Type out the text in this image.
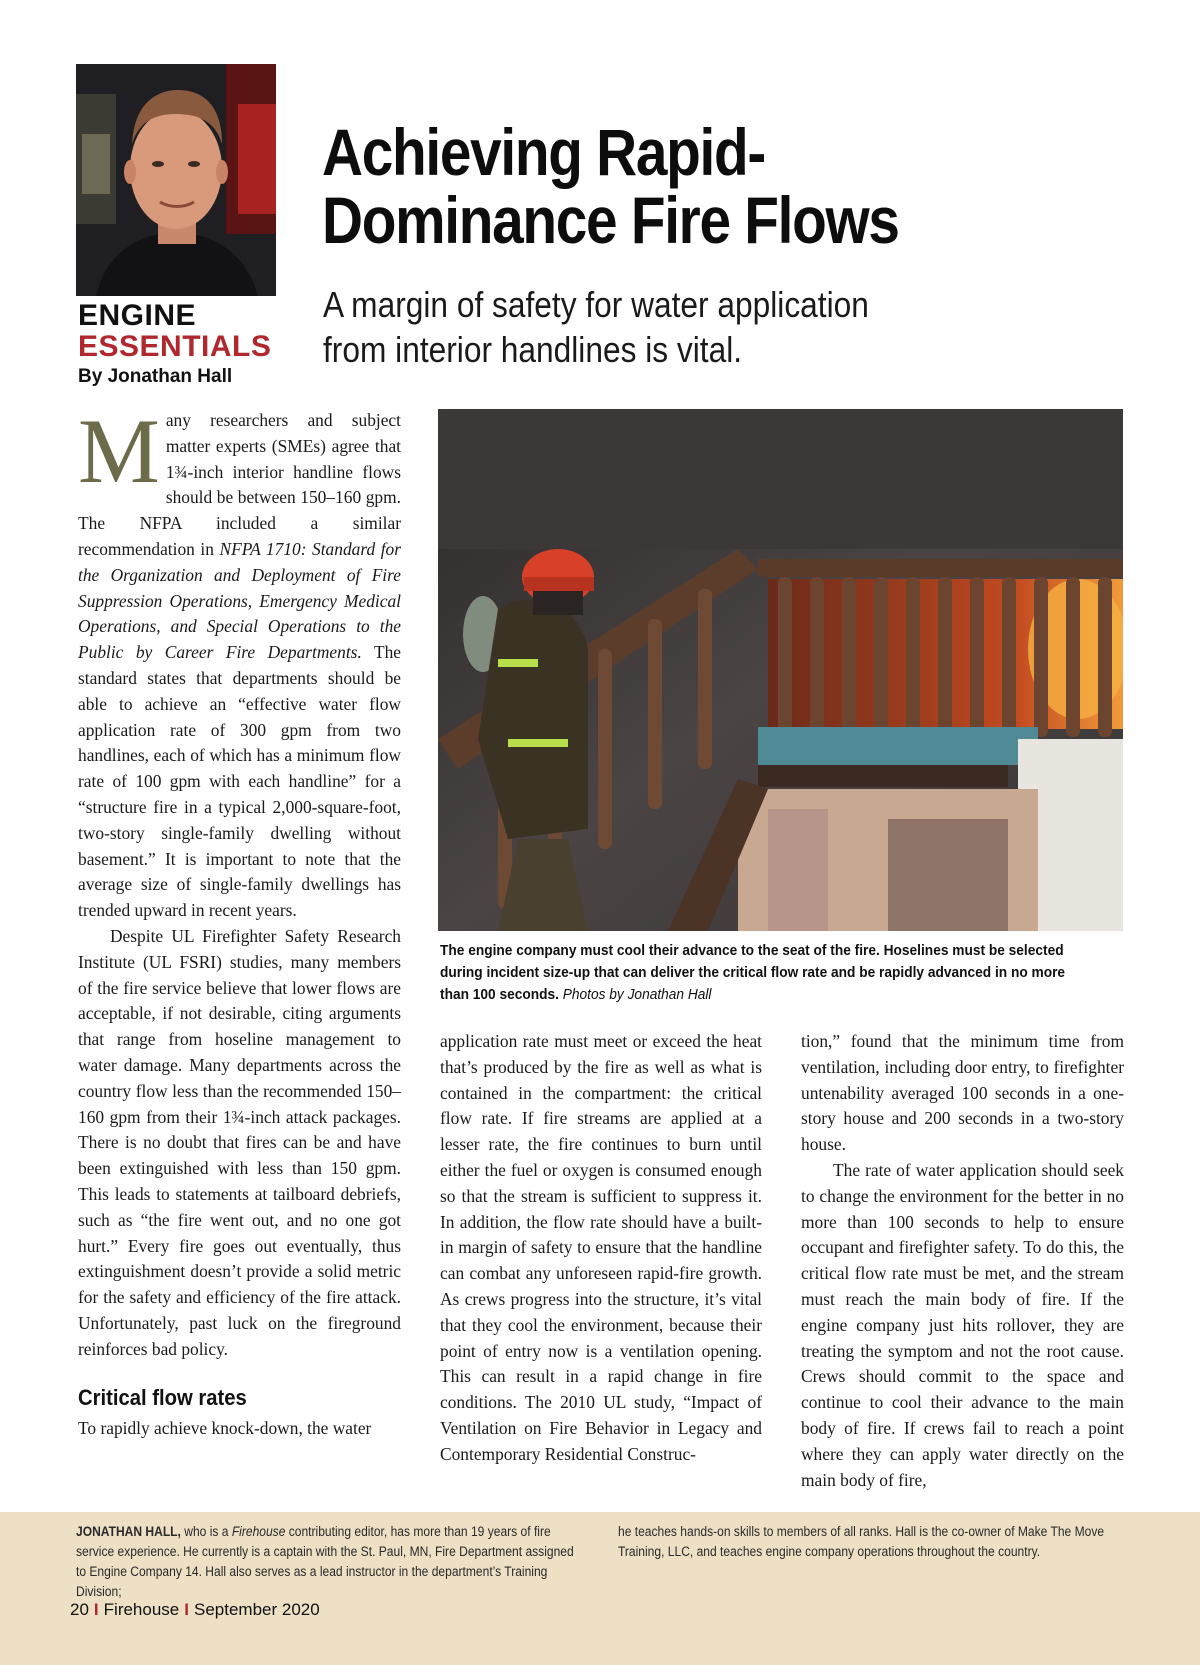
ENGINE
ESSENTIALS
By Jonathan Hall
Achieving Rapid-Dominance Fire Flows

A margin of safety for water application from interior handlines is vital.

Many researchers and subject matter experts (SMEs) agree that 1¾-inch interior handline flows should be between 150–160 gpm. The NFPA included a similar recommendation in NFPA 1710: Standard for the Organization and Deployment of Fire Suppression Operations, Emergency Medical Operations, and Special Operations to the Public by Career Fire Departments. The standard states that departments should be able to achieve an “effective water flow application rate of 300 gpm from two handlines, each of which has a minimum flow rate of 100 gpm with each handline” for a “structure fire in a typical 2,000-square-foot, two-story single-family dwelling without basement.” It is important to note that the average size of single-family dwellings has trended upward in recent years.

Despite UL Firefighter Safety Research Institute (UL FSRI) studies, many members of the fire service believe that lower flows are acceptable, if not desirable, citing arguments that range from hoseline management to water damage. Many departments across the country flow less than the recommended 150–160 gpm from their 1¾-inch attack packages. There is no doubt that fires can be and have been extinguished with less than 150 gpm. This leads to statements at tailboard debriefs, such as “the fire went out, and no one got hurt.” Every fire goes out eventually, thus extinguishment doesn’t provide a solid metric for the safety and efficiency of the fire attack. Unfortunately, past luck on the fireground reinforces bad policy.

Critical flow rates

To rapidly achieve knock-down, the water

The engine company must cool their advance to the seat of the fire. Hoselines must be selected during incident size-up that can deliver the critical flow rate and be rapidly advanced in no more than 100 seconds. Photos by Jonathan Hall

application rate must meet or exceed the heat that’s produced by the fire as well as what is contained in the compartment: the critical flow rate. If fire streams are applied at a lesser rate, the fire continues to burn until either the fuel or oxygen is consumed enough so that the stream is sufficient to suppress it. In addition, the flow rate should have a built-in margin of safety to ensure that the handline can combat any unforeseen rapid-fire growth. As crews progress into the structure, it’s vital that they cool the environment, because their point of entry now is a ventilation opening. This can result in a rapid change in fire conditions. The 2010 UL study, “Impact of Ventilation on Fire Behavior in Legacy and Contemporary Residential Construc-

tion,” found that the minimum time from ventilation, including door entry, to firefighter untenability averaged 100 seconds in a one-story house and 200 seconds in a two-story house.

The rate of water application should seek to change the environment for the better in no more than 100 seconds to help to ensure occupant and firefighter safety. To do this, the critical flow rate must be met, and the stream must reach the main body of fire. If the engine company just hits rollover, they are treating the symptom and not the root cause. Crews should commit to the space and continue to cool their advance to the main body of fire. If crews fail to reach a point where they can apply water directly on the main body of fire,

JONATHAN HALL, who is a Firehouse contributing editor, has more than 19 years of fire service experience. He currently is a captain with the St. Paul, MN, Fire Department assigned to Engine Company 14. Hall also serves as a lead instructor in the department’s Training Division;
he teaches hands-on skills to members of all ranks. Hall is the co-owner of Make The Move Training, LLC, and teaches engine company operations throughout the country.
20 I Firehouse I September 2020
